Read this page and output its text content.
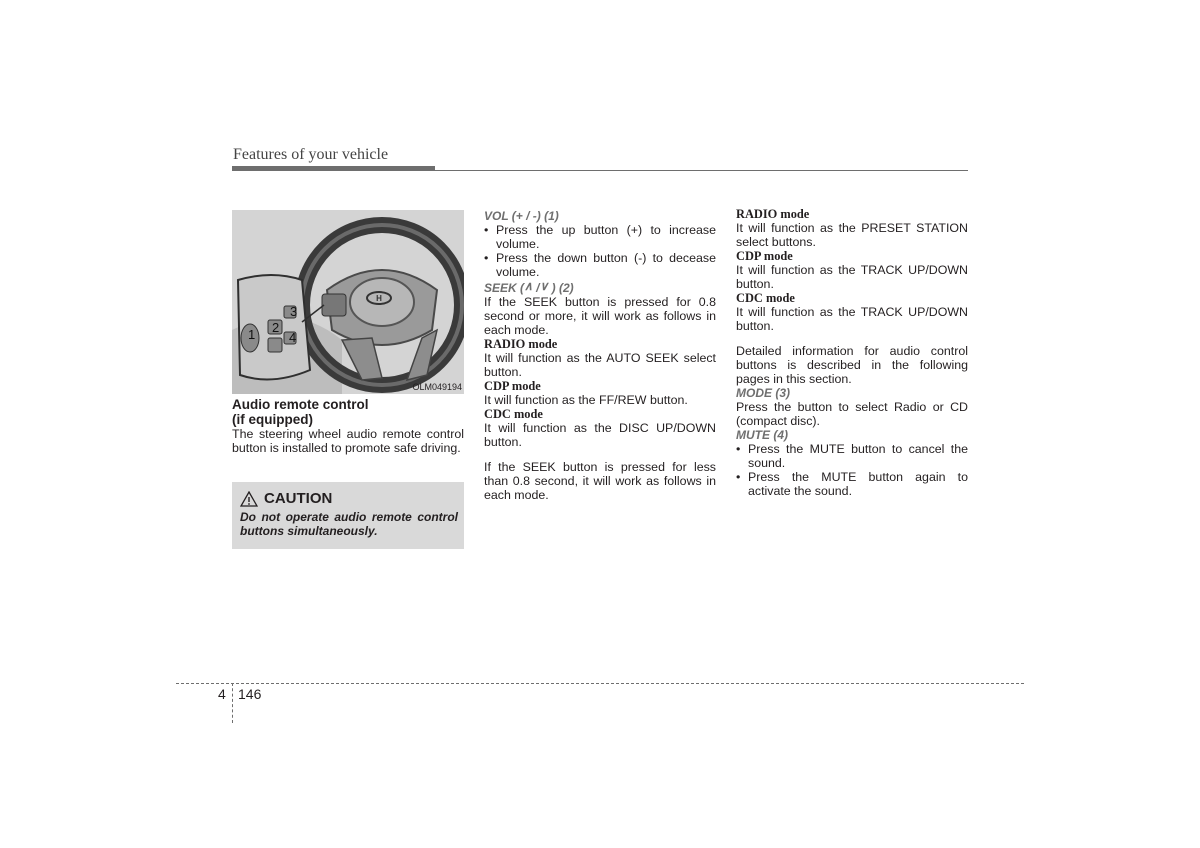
Features of your vehicle
H
1 2
3
4
OLM049194

Audio remote control

(if equipped)

The steering wheel audio remote control button is installed to promote safe driving.

CAUTION
Do not operate audio remote control buttons simultaneously.

VOL (+ / -) (1)

• Press the up button (+) to increase volume.
• Press the down button (-) to decease volume.

SEEK (∧ /∨ ) (2)

If the SEEK button is pressed for 0.8 second or more, it will work as follows in each mode.

RADIO mode

It will function as the AUTO SEEK select button.

CDP mode

It will function as the FF/REW button.

CDC mode

It will function as the DISC UP/DOWN button.

If the SEEK button is pressed for less than 0.8 second, it will work as follows in each mode.

RADIO mode

It will function as the PRESET STATION select buttons.

CDP mode

It will function as the TRACK UP/DOWN button.

CDC mode

It will function as the TRACK UP/DOWN button.

Detailed information for audio control buttons is described in the following pages in this section.

MODE (3)

Press the button to select Radio or CD (compact disc).

MUTE (4)

• Press the MUTE button to cancel the sound.
• Press the MUTE button again to activate the sound.
4 146
